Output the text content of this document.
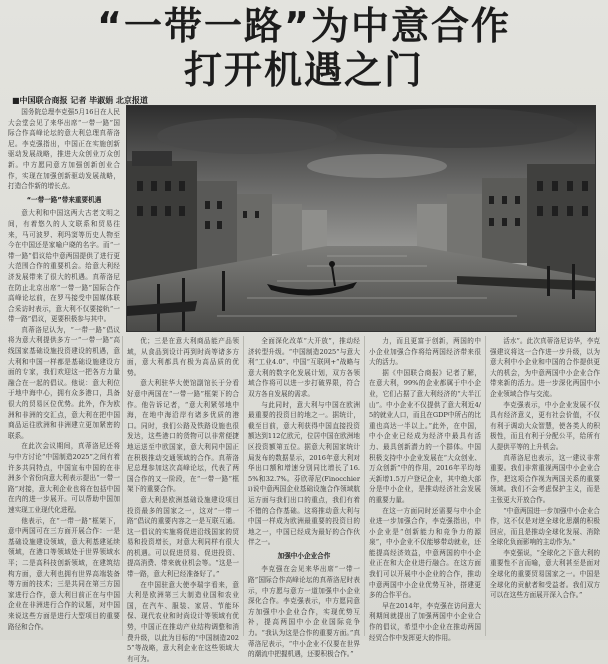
“一带一路”为中意合作
打开机遇之门
■中国联合商报 记者 毕淑娟 北京报道

国务院总理李克强5月16日在人民大会堂会见了来华出席“一带一路”国际合作高峰论坛的意大利总理真蒂洛尼。李克强指出，中国正在实施创新驱动发展战略，推进大众创业万众创新。中方愿同意方加强创新创业合作，实现在加强创新驱动发展战略，打造合作新的增长点。

“一带一路”带来重要机遇

意大利和中国这两大古老文明之间，有着悠久的人文联系和贸易往来，马可波罗、利玛窦等历史人物至今在中国还是家喻户晓的名字。而“一带一路”倡议给中意两国提供了进行更大范围合作的重要机会。给意大利经济发展带来了很大的机遇。真蒂洛尼在防止北京出席“一带一路”国际合作高峰论坛前，在罗马接受中国媒体联合采访时表示，意大利不仅要接轨“一带一路”倡议，更要积极参与其中。

真蒂洛尼认为，“一带一路”倡议将为意大利提供多方一“一带一路”高线国家基础设施投资建设的机遇，意大利和中国一样都是基础设施建设方面的专家，我们欢迎这一把各方力量融合在一起的倡议。他说：意大利位于地中海中心，拥有众多港口，具备很大的贸易区位优势。此外，作为欧洲和非洲的交汇点，意大利在把中国商品运往欧洲和非洲建立更加紧密的联系。

在此次会议期间，真蒂洛尼还将与中方讨论“中国制造2025”之间有着许多共同特点，中国宣布中国的在非洲多个省份向意大利表示提出“一带一路”对接，意大利企业也将在包括中国在内的进一步展开。可以帮助中国加速实现工业现代化进程。

他表示，在“一带一路”框架下，意中两国可在三方面开展合作：一是基础设施建设领域，意大利基建延续领域，在港口等领域处于世界领域水平；二是高科技创新领域，在建筑结构方面，意大利也拥有世界高端装备等方面的技术；三是共同在第三方国家进行合作，意大利目前正在与中国企业在非洲进行合作的议题，对中国来说这些方面是进行大型项目的重要路径和合作。

优；三是在意大利商品能产品领域，从食品到设计再到时尚等诸多方面，意大利都具有极为高品质的优势。

意大利驻华大使馆副馆长于分看好意中两国在“一带一路”框架下的合作。他告诉记者，“意大利紧邻地中海，在地中海沿岸有诸多优质的港口。同时，我们公路及铁路设施也很发达，这些港口的货物可以非常便捷地运送至中欧国家，意大利同中国正在积极推动交通领域的合作。真蒂洛尼总理参加这次高峰论坛，代表了两国合作的又一阶段，在“一带一路”框架下的重要合作。

意大利是欧洲基础设施建设项目投资最多的国家之一，这对“一带一路”倡议的重要内容之一是互联互通。这一倡议的实施将促进沿线国家的贸易和投资增长，对意大利同样有很大的机遇。可以促进贸易、促进投资、提高消费、带来就业机会等。“这是一带一路，意大利已经准备好了。”

在中国驻意大使李瑞宇看来，意大利是欧洲第三大制造业国和农业国，在汽车、服装、家居、节能环保、现代农业和时尚设计等领域有优势，中国正在推动产业结构调整和消费升级，以此为目标的“中国制造2025”等战略，意大利企业在这些领域大有可为。

全面深化改革“大开放”，推动经济转型升级。“中国制造2025”与意大利“工业4.0”、中国“互联网+”战略与意大利的数字化发展计划，双方各领域合作将可以进一步打破界限，符合双方各自发展的需求。

与此同时，意大利与中国在欧洲最重要的投资目的地之一。据统计，截至目前，意大利获得中国直接投资额达到112亿欧元，位居中国在欧洲地区投资额第五位。据意大利国家统计局发布的数据显示，2016年意大利对华出口额和增速分别同比增长了16.5%和32.7%。芬欣蒂尼(Finocchieri)说中意两国企业基础设施合作领域航运方面与我们出口的重点，我们有着不错的合作基础。这将推动意大利与中国一样成为欧洲最重要的投资目的地之一，中国已经成为最好的合作伙伴之一。

加强中小企业合作

李克强在会见来华出席“一带一路”国际合作高峰论坛的真蒂洛尼时表示，中方愿与意方一道加强中小企业深化合作。李克强表示，中方愿同意方加强中小企业合作，实现优势互补，提高两国中小企业国际竞争力。“我认为这是合作的重要方面。”真蒂洛尼表示，“中小企业不仅要在世界的潮流中把握机遇，还要积极合作。”

力，而且更富于创新，两国的中小企业加强合作将给两国经济带来很大的活力。

据《中国联合商报》记者了解，在意大利，99%的企业都属于中小企业，它们占据了意大利经济的“大半江山”。中小企业不仅提供了意大利近4/5的就业人口，而且在GDP中所占的比重也高达一半以上。”此外，在中国，中小企业已经成为经济中最具有活力、最具创新潜力的一个群体。中国积极支持中小企业发展在“大众创业、万众创新”中的作用，2016年平均每天新增1.5万户登记企业，其中绝大部分是中小企业，是推动经济社会发展的重要力量。

在这一方面同时还需要与中小企业进一步加强合作，李克强指出，中小企业是“创新能力和竞争力的源泉”，中小企业不仅能够带动就业，还能提高经济效益，中意两国的中小企业正在和大企业进行融合。在这方面我们可以开展中小企业的合作，推动中意两国中小企业优势互补，搭建更多的合作平台。

早在2014年，李克强在访问意大利期间就提出了加强两国中小企业合作的倡议，希望中小企业在推动两国经贸合作中发挥更大的作用。

活水”。此次真蒂洛尼访华，李克强建议将这一合作进一步升级，以为意大利中小企业和中国的合作提供更大的机会，为中意两国中小企业合作带来新的活力。进一步深化两国中小企业领域合作与交流。

李克强表示，中小企业发展不仅具有经济意义，更有社会价值，不仅有利于调动大众智慧，使各类人的积极性，而且有利于分配公平，给所有人提供平等的上升机会。

真蒂洛尼也表示，这一建议非常重要。我们非常重视两国中小企业合作，把这项合作视为两国关系的重要领域。我们不会考虑保护主义，而是主张更大开放合作。

“中意两国进一步加强中小企业合作，这不仅是对逆全球化思潮的积极回应，而且是推动全球化发展、消除全球化负面影响的主动作为。”

李克强说，“全球化之下意大利的重要性不言而喻，意大利甚至是面对全球化的重要贸易国家之一。中国是全球化的贡献者和受益者。我们双方可以在这些方面展开深入合作。”
